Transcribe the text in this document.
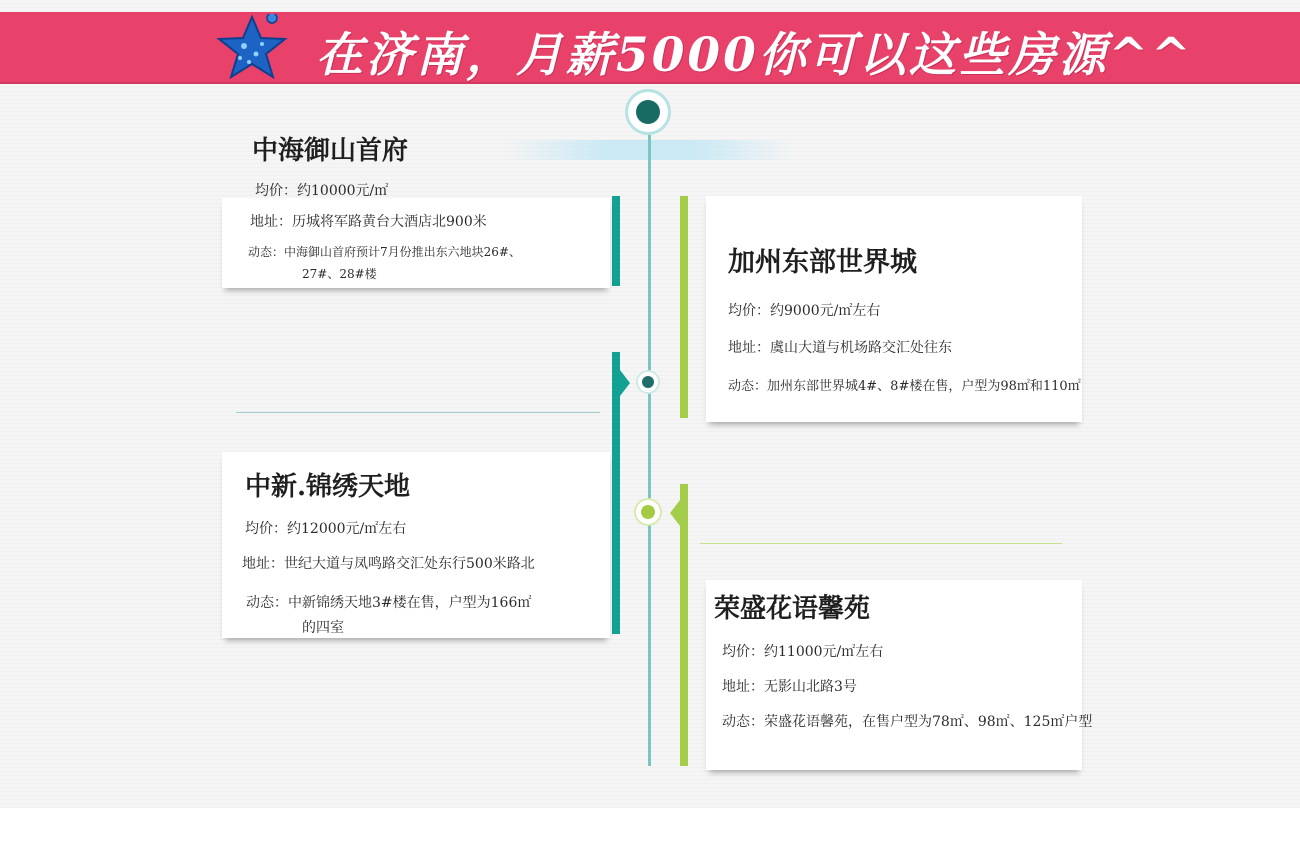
在济南，月薪5000你可以这些房源^^
中海御山首府
均价：约10000元/㎡
地址：历城将军路黄台大酒店北900米
动态：中海御山首府预计7月份推出东六地块26#、
27#、28#楼	加州东部世界城
均价：约9000元/㎡左右
地址：虞山大道与机场路交汇处往东
动态：加州东部世界城4#、8#楼在售，户型为98㎡和110㎡
中新.锦绣天地
均价：约12000元/㎡左右
地址：世纪大道与凤鸣路交汇处东行500米路北
动态：中新锦绣天地3#楼在售，户型为166㎡
的四室
荣盛花语馨苑
均价：约11000元/㎡左右
地址：无影山北路3号
动态：荣盛花语馨苑，在售户型为78㎡、98㎡、125㎡户型
